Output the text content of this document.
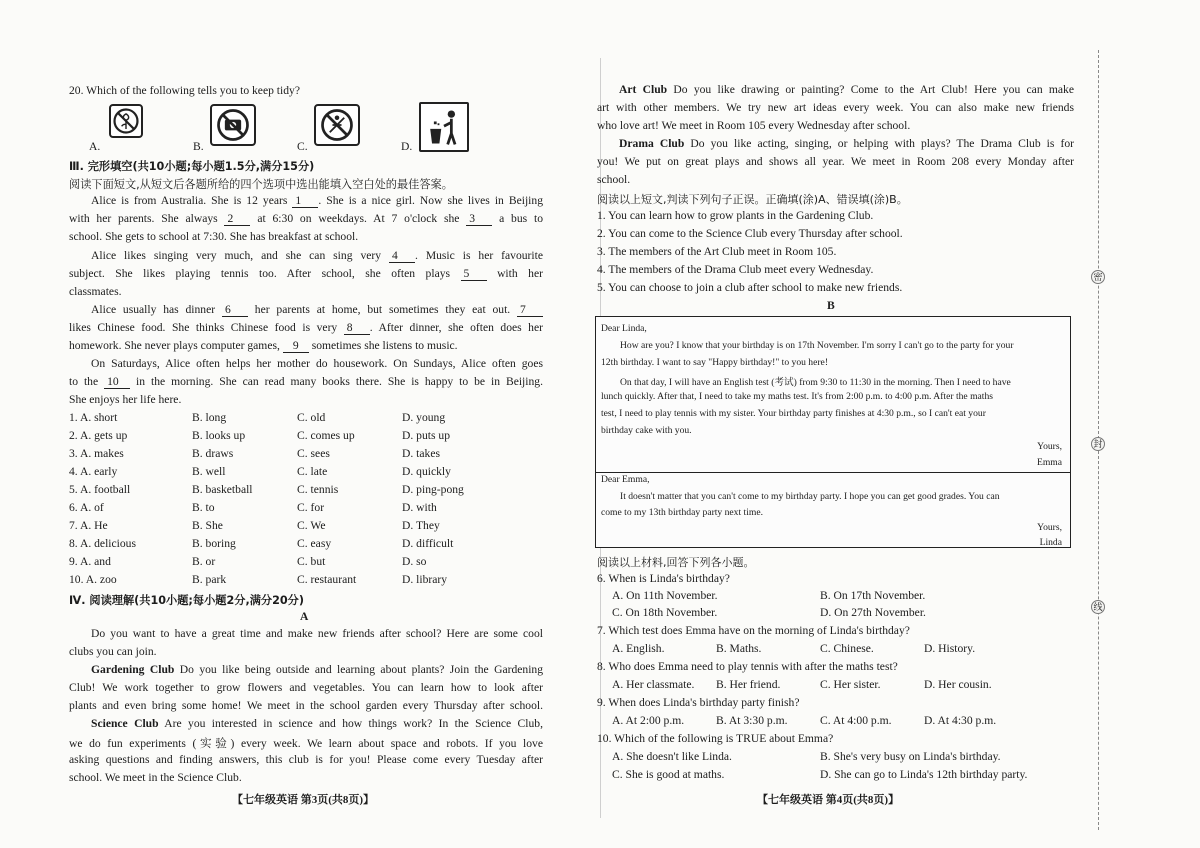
20. Which of the following tells you to keep tidy?
A.	B.	C.	D.
Ⅲ. 完形填空(共10小题;每小题1.5分,满分15分)
阅读下面短文,从短文后各题所给的四个选项中选出能填入空白处的最佳答案。
Alice is from Australia. She is 12 years 1 . She is a nice girl. Now she lives in Beijing
with her parents. She always 2 at 6:30 on weekdays. At 7 o'clock she 3 a bus to
school. She gets to school at 7:30. She has breakfast at school.
Alice likes singing very much, and she can sing very 4 . Music is her favourite
subject. She likes playing tennis too. After school, she often plays 5 with her
classmates.
Alice usually has dinner 6 her parents at home, but sometimes they eat out. 7
likes Chinese food. She thinks Chinese food is very 8 . After dinner, she often does her
homework. She never plays computer games, 9 sometimes she listens to music.
On Saturdays, Alice often helps her mother do housework. On Sundays, Alice often goes
to the 10 in the morning. She can read many books there. She is happy to be in Beijing.
She enjoys her life here.
1. A. short	B. long	C. old	D. young
2. A. gets up	B. looks up	C. comes up	D. puts up
3. A. makes	B. draws	C. sees	D. takes
4. A. early	B. well	C. late	D. quickly
5. A. football	B. basketball	C. tennis	D. ping-pong
6. A. of	B. to	C. for	D. with
7. A. He	B. She	C. We	D. They
8. A. delicious	B. boring	C. easy	D. difficult
9. A. and	B. or	C. but	D. so
10. A. zoo	B. park	C. restaurant	D. library
Ⅳ. 阅读理解(共10小题;每小题2分,满分20分)
A
Do you want to have a great time and make new friends after school? Here are some cool
clubs you can join.
Gardening Club Do you like being outside and learning about plants? Join the Gardening
Club! We work together to grow flowers and vegetables. You can learn how to look after
plants and even bring some home! We meet in the school garden every Thursday after school.
Science Club Are you interested in science and how things work? In the Science Club,
we do fun experiments (实验) every week. We learn about space and robots. If you love
asking questions and finding answers, this club is for you! Please come every Tuesday after
school. We meet in the Science Club.
【七年级英语 第3页(共8页)】
Art Club Do you like drawing or painting? Come to the Art Club! Here you can make
art with other members. We try new art ideas every week. You can also make new friends
who love art! We meet in Room 105 every Wednesday after school.
Drama Club Do you like acting, singing, or helping with plays? The Drama Club is for
you! We put on great plays and shows all year. We meet in Room 208 every Monday after
school.
阅读以上短文,判读下列句子正误。正确填(涂)A、错误填(涂)B。
1. You can learn how to grow plants in the Gardening Club.
2. You can come to the Science Club every Thursday after school.
3. The members of the Art Club meet in Room 105.
4. The members of the Drama Club meet every Wednesday.
5. You can choose to join a club after school to make new friends.
B
Dear Linda,
How are you? I know that your birthday is on 17th November. I'm sorry I can't go to the party for your
12th birthday. I want to say "Happy birthday!" to you here!
On that day, I will have an English test (考试) from 9:30 to 11:30 in the morning. Then I need to have
lunch quickly. After that, I need to take my maths test. It's from 2:00 p.m. to 4:00 p.m. After the maths
test, I need to play tennis with my sister. Your birthday party finishes at 4:30 p.m., so I can't eat your
birthday cake with you.
Yours,
Emma
Dear Emma,
It doesn't matter that you can't come to my birthday party. I hope you can get good grades. You can
come to my 13th birthday party next time.
Yours,
Linda
阅读以上材料,回答下列各小题。
6. When is Linda's birthday?
A. On 11th November.	B. On 17th November.
C. On 18th November.	D. On 27th November.
7. Which test does Emma have on the morning of Linda's birthday?
A. English.	B. Maths.	C. Chinese.	D. History.
8. Who does Emma need to play tennis with after the maths test?
A. Her classmate. B. Her friend.	C. Her sister.	D. Her cousin.
9. When does Linda's birthday party finish?
A. At 2:00 p.m.	B. At 3:30 p.m.	C. At 4:00 p.m.	D. At 4:30 p.m.
10. Which of the following is TRUE about Emma?
A. She doesn't like Linda.	B. She's very busy on Linda's birthday.
C. She is good at maths.	D. She can go to Linda's 12th birthday party.
【七年级英语 第4页(共8页)】
密
封
线
